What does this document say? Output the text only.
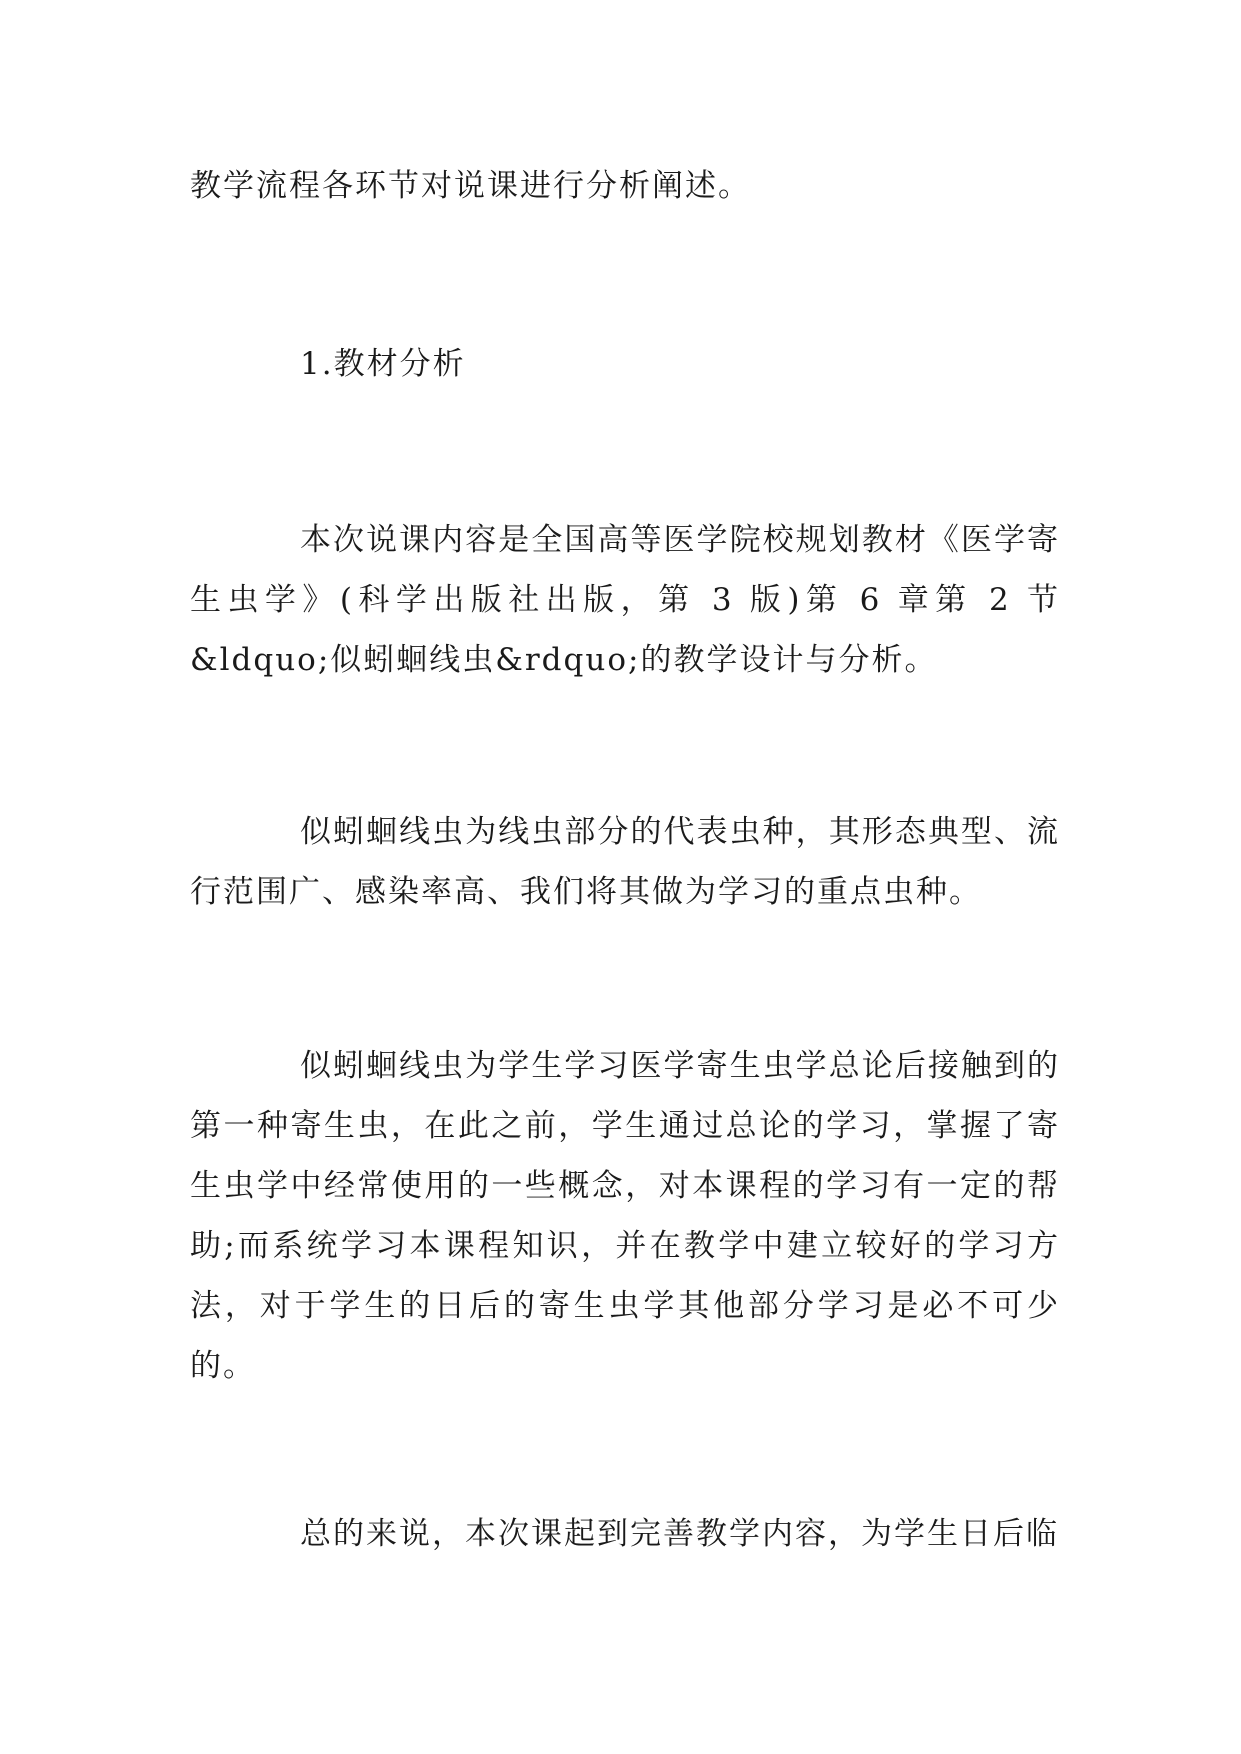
教学流程各环节对说课进行分析阐述。

1.教材分析

本次说课内容是全国高等医学院校规划教材《医学寄生虫学》(科学出版社出版，第 3 版)第 6 章第 2 节&ldquo;似蚓蛔线虫&rdquo;的教学设计与分析。

似蚓蛔线虫为线虫部分的代表虫种，其形态典型、流行范围广、感染率高、我们将其做为学习的重点虫种。

似蚓蛔线虫为学生学习医学寄生虫学总论后接触到的第一种寄生虫，在此之前，学生通过总论的学习，掌握了寄生虫学中经常使用的一些概念，对本课程的学习有一定的帮助;而系统学习本课程知识，并在教学中建立较好的学习方法，对于学生的日后的寄生虫学其他部分学习是必不可少的。

总的来说，本次课起到完善教学内容，为学生日后临
